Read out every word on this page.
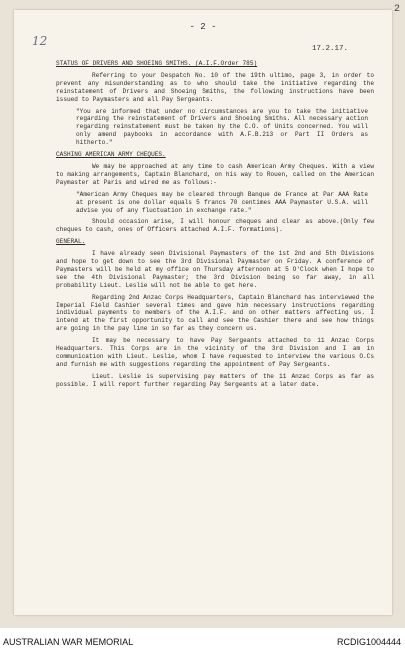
2
12
- 2 -
17.2.17.
STATUS OF DRIVERS AND SHOEING SMITHS. (A.I.F.Order 785)

Referring to your Despatch No. 10 of the 19th ultimo, page 3, in order to prevent any misunderstanding as to who should take the initiative regarding the reinstatement of Drivers and Shoeing Smiths, the following instructions have been issued to Paymasters and all Pay Sergeants.

"You are informed that under no circumstances are you to take the initiative regarding the reinstatement of Drivers and Shoeing Smiths. All necessary action regarding reinstatement must be taken by the C.O. of Units concerned. You will only amend paybooks in accordance with A.F.B.213 or Part II Orders as hitherto."

CASHING AMERICAN ARMY CHEQUES.

We may be approached at any time to cash American Army Cheques. With a view to making arrangements, Captain Blanchard, on his way to Rouen, called on the American Paymaster at Paris and wired me as follows:-

"American Army Cheques may be cleared through Banque de France at Par AAA Rate at present is one dollar equals 5 francs 70 centimes AAA Paymaster U.S.A. will advise you of any fluctuation in exchange rate."

Should occasion arise, I will honour cheques and clear as above.(Only few cheques to cash, ones of Officers attached A.I.F. formations).

GENERAL.

I have already seen Divisional Paymasters of the 1st 2nd and 5th Divisions and hope to get down to see the 3rd Divisional Paymaster on Friday. A conference of Paymasters will be held at my office on Thursday afternoon at 5 O'Clock when I hope to see the 4th Divisional Paymaster; the 3rd Division being so far away, in all probability Lieut. Leslie will not be able to get here.

Regarding 2nd Anzac Corps Headquarters, Captain Blanchard has interviewed the Imperial Field Cashier several times and gave him necessary instructions regarding individual payments to members of the A.I.F. and on other matters affecting us. I intend at the first opportunity to call and see the Cashier there and see how things are going in the pay line in so far as they concern us.

It may be necessary to have Pay Sergeants attached to 11 Anzac Corps Headquarters. This Corps are in the vicinity of the 3rd Division and I am in communication with Lieut. Leslie, whom I have requested to interview the various O.Cs and furnish me with suggestions regarding the appointment of Pay Sergeants.

Lieut. Leslie is supervising pay matters of the 11 Anzac Corps as far as possible. I will report further regarding Pay Sergeants at a later date.

AUSTRALIAN WAR MEMORIAL	RCDIG1004444
